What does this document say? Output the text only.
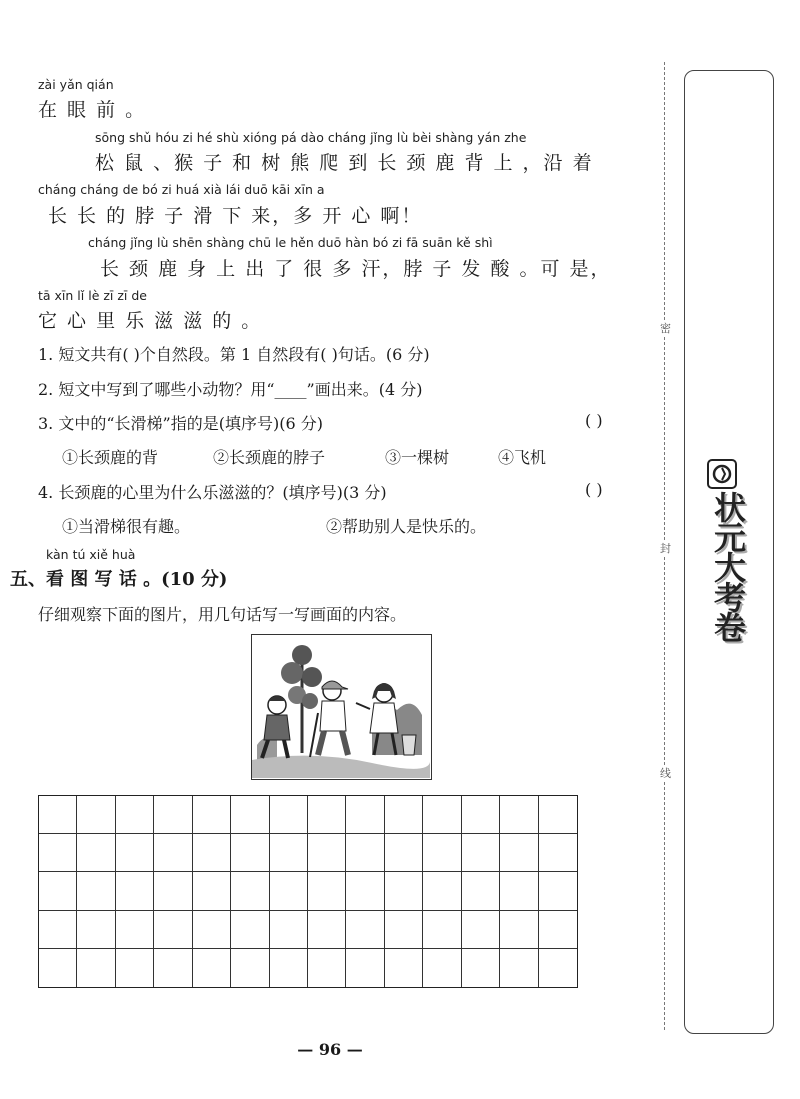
zài yǎn qián
在 眼 前 。
sōng shǔ hóu zi hé shù xióng pá dào cháng jǐng lù bèi shàng yán zhe
松 鼠 、猴 子 和 树 熊 爬 到 长 颈 鹿 背 上 ，沿 着
cháng cháng de bó zi huá xià lái duō kāi xīn a
长 长 的 脖 子 滑 下 来，多 开 心 啊！
cháng jǐng lù shēn shàng chū le hěn duō hàn bó zi fā suān kě shì
长 颈 鹿 身 上 出 了 很 多 汗，脖 子 发 酸 。可 是，
tā xīn lǐ lè zī zī de
它 心 里 乐 滋 滋 的 。
1. 短文共有( )个自然段。第 1 自然段有( )句话。(6 分)
2. 短文中写到了哪些小动物？用“____”画出来。(4 分)
3. 文中的“长滑梯”指的是(填序号)(6 分)	( )
①长颈鹿的背	②长颈鹿的脖子	③一棵树	④飞机
4. 长颈鹿的心里为什么乐滋滋的？(填序号)(3 分)	( )
①当滑梯很有趣。	②帮助别人是快乐的。
kàn tú xiě huà
五、看 图 写 话 。(10 分)
仔细观察下面的图片，用几句话写一写画面的内容。
— 96 —
密
封
线
状元大考卷
